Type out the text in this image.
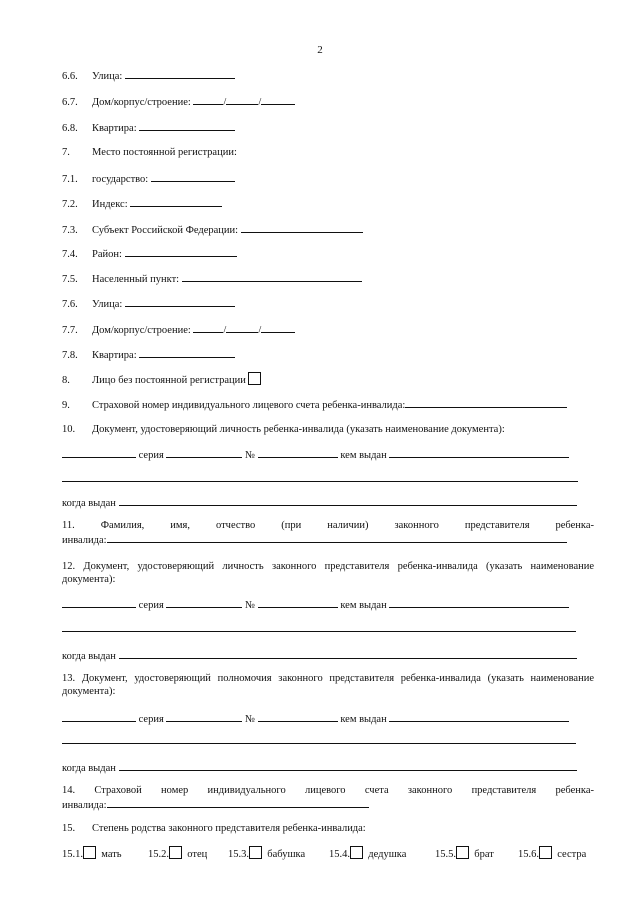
2
6.6. Улица:
6.7. Дом/корпус/строение:	/	/
6.8. Квартира:
7. Место постоянной регистрации:
7.1. государство:
7.2. Индекс:
7.3. Субъект Российской Федерации:
7.4. Район:
7.5. Населенный пункт:
7.6. Улица:
7.7. Дом/корпус/строение:	/	/
7.8. Квартира:
8. Лицо без постоянной регистрации
9. Страховой номер индивидуального лицевого счета ребенка-инвалида:
10. Документ, удостоверяющий личность ребенка-инвалида (указать наименование документа):
серия	№	кем выдан
когда выдан
11. Фамилия, имя, отчество (при наличии) законного представителя ребенка-
инвалида:
12. Документ, удостоверяющий личность законного представителя ребенка-инвалида (указать наименование
документа):
серия	№	кем выдан
когда выдан
13. Документ, удостоверяющий полномочия законного представителя ребенка-инвалида (указать наименование
документа):
серия	№	кем выдан
когда выдан
14. Страховой номер индивидуального лицевого счета законного представителя ребенка-
инвалида:
15. Степень родства законного представителя ребенка-инвалида:
15.1. мать	15.2. отец 15.3. бабушка 15.4. дедушка	15.5. брат 15.6. сестра
